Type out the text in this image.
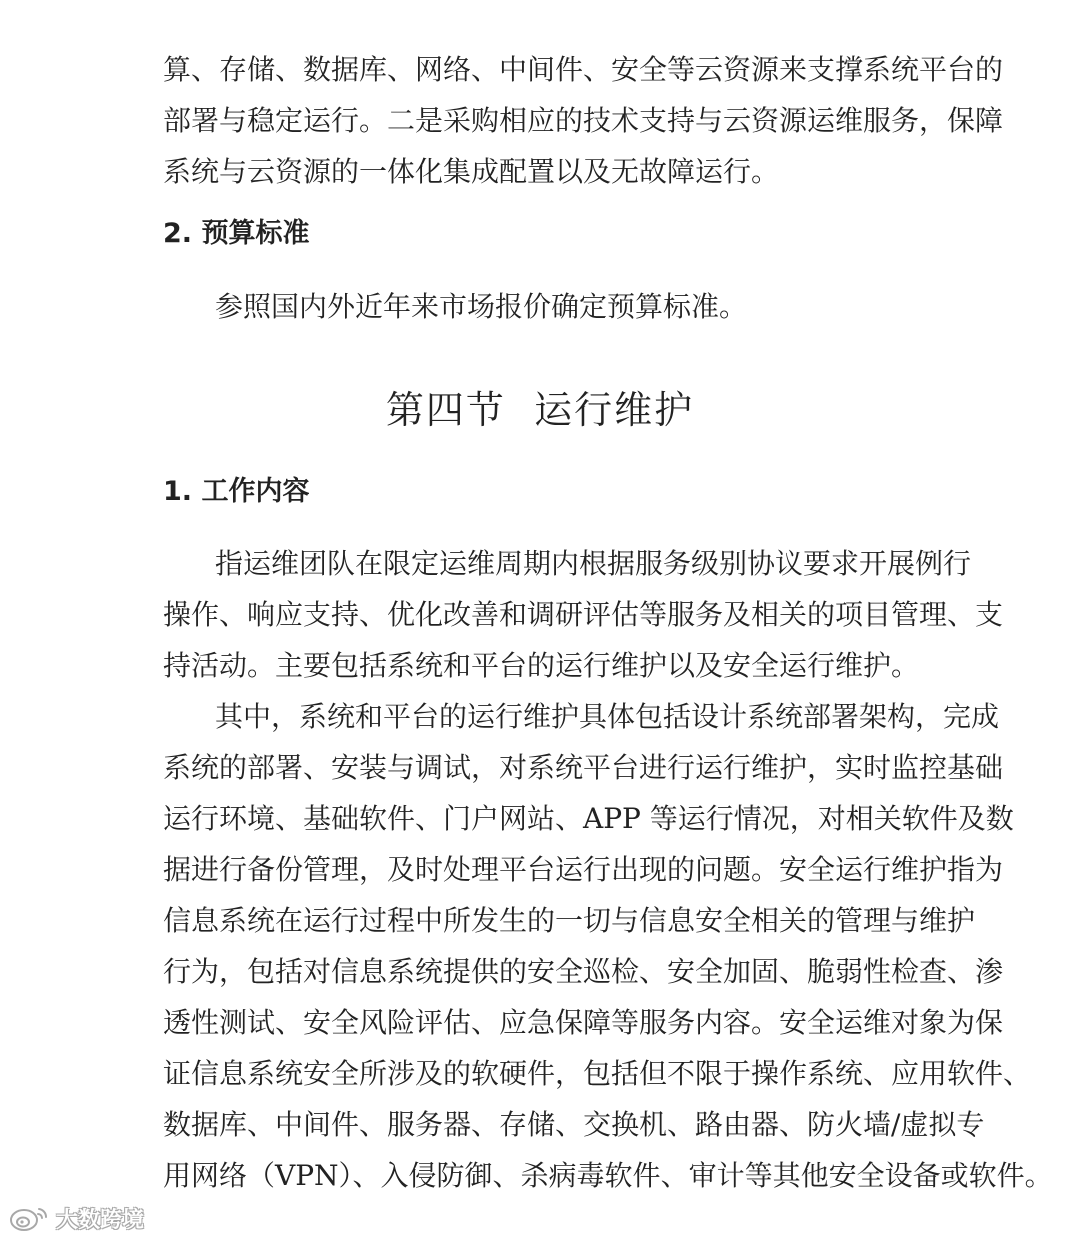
算、存储、数据库、网络、中间件、安全等云资源来支撑系统平台的
部署与稳定运行。二是采购相应的技术支持与云资源运维服务，保障
系统与云资源的一体化集成配置以及无故障运行。
2. 预算标准
参照国内外近年来市场报价确定预算标准。
第四节  运行维护
1. 工作内容
指运维团队在限定运维周期内根据服务级别协议要求开展例行
操作、响应支持、优化改善和调研评估等服务及相关的项目管理、支
持活动。主要包括系统和平台的运行维护以及安全运行维护。
其中，系统和平台的运行维护具体包括设计系统部署架构，完成
系统的部署、安装与调试，对系统平台进行运行维护，实时监控基础
运行环境、基础软件、门户网站、APP 等运行情况，对相关软件及数
据进行备份管理，及时处理平台运行出现的问题。安全运行维护指为
信息系统在运行过程中所发生的一切与信息安全相关的管理与维护
行为，包括对信息系统提供的安全巡检、安全加固、脆弱性检查、渗
透性测试、安全风险评估、应急保障等服务内容。安全运维对象为保
证信息系统安全所涉及的软硬件，包括但不限于操作系统、应用软件、
数据库、中间件、服务器、存储、交换机、路由器、防火墙/虚拟专
用网络（VPN）、入侵防御、杀病毒软件、审计等其他安全设备或软件。
大数跨境
